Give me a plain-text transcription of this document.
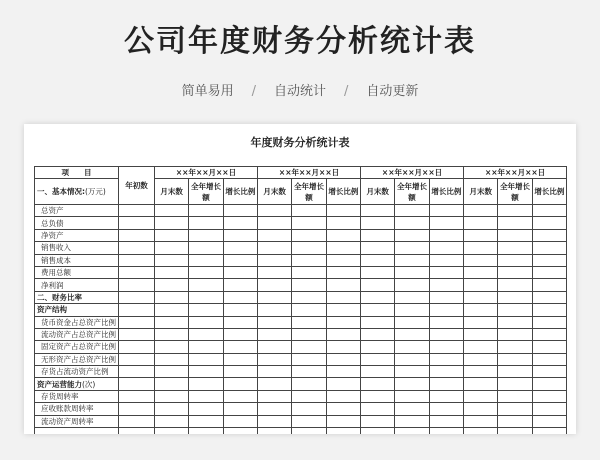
公司年度财务分析统计表
简单易用 / 自动统计 / 自动更新
年度财务分析统计表
项　　目	年初数	××年××月××日			××年××月××日			××年××月××日			××年××月××日		
一、基本情况:(万元)		月末数	全年增长额	增长比例	月末数	全年增长额	增长比例	月末数	全年增长额	增长比例	月末数	全年增长额	增长比例
总资产													
总负债													
净资产													
销售收入													
销售成本													
费用总额													
净利润													
二、财务比率													
资产结构													
货币资金占总资产比例													
流动资产占总资产比例													
固定资产占总资产比例													
无形资产占总资产比例													
存货占流动资产比例													
资产运营能力(次)													
存货周转率													
应收账款周转率													
流动资产周转率													
